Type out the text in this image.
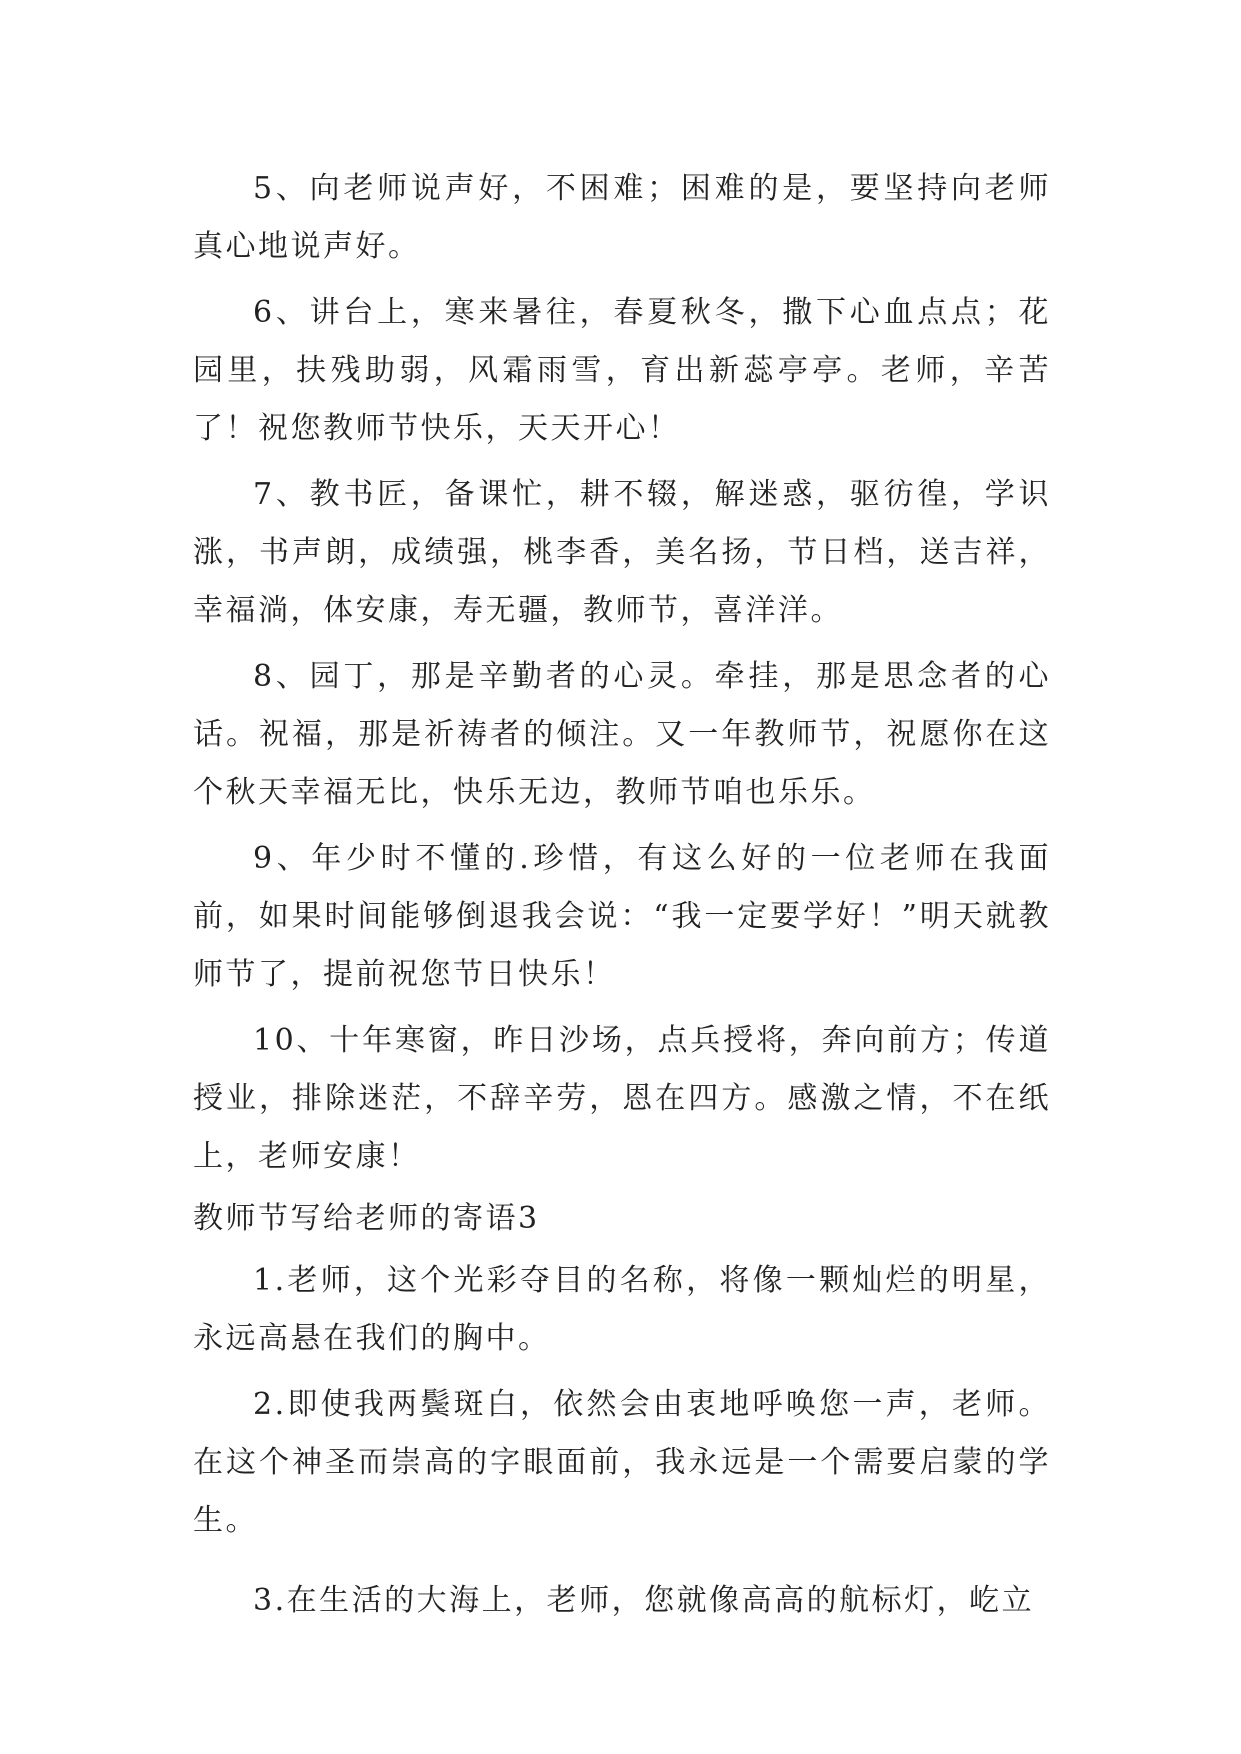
5、向老师说声好，不困难；困难的是，要坚持向老师真心地说声好。

6、讲台上，寒来暑往，春夏秋冬，撒下心血点点；花园里，扶残助弱，风霜雨雪，育出新蕊亭亭。老师，辛苦了！祝您教师节快乐，天天开心！

7、教书匠，备课忙，耕不辍，解迷惑，驱彷徨，学识涨，书声朗，成绩强，桃李香，美名扬，节日档，送吉祥，幸福淌，体安康，寿无疆，教师节，喜洋洋。

8、园丁，那是辛勤者的心灵。牵挂，那是思念者的心话。祝福，那是祈祷者的倾注。又一年教师节，祝愿你在这个秋天幸福无比，快乐无边，教师节咱也乐乐。

9、年少时不懂的.珍惜，有这么好的一位老师在我面前，如果时间能够倒退我会说：“我一定要学好！”明天就教师节了，提前祝您节日快乐！

10、十年寒窗，昨日沙场，点兵授将，奔向前方；传道授业，排除迷茫，不辞辛劳，恩在四方。感激之情，不在纸上，老师安康！

教师节写给老师的寄语3

1.老师，这个光彩夺目的名称，将像一颗灿烂的明星，永远高悬在我们的胸中。

2.即使我两鬓斑白，依然会由衷地呼唤您一声，老师。在这个神圣而崇高的字眼面前，我永远是一个需要启蒙的学生。

3.在生活的大海上，老师，您就像高高的航标灯，屹立
